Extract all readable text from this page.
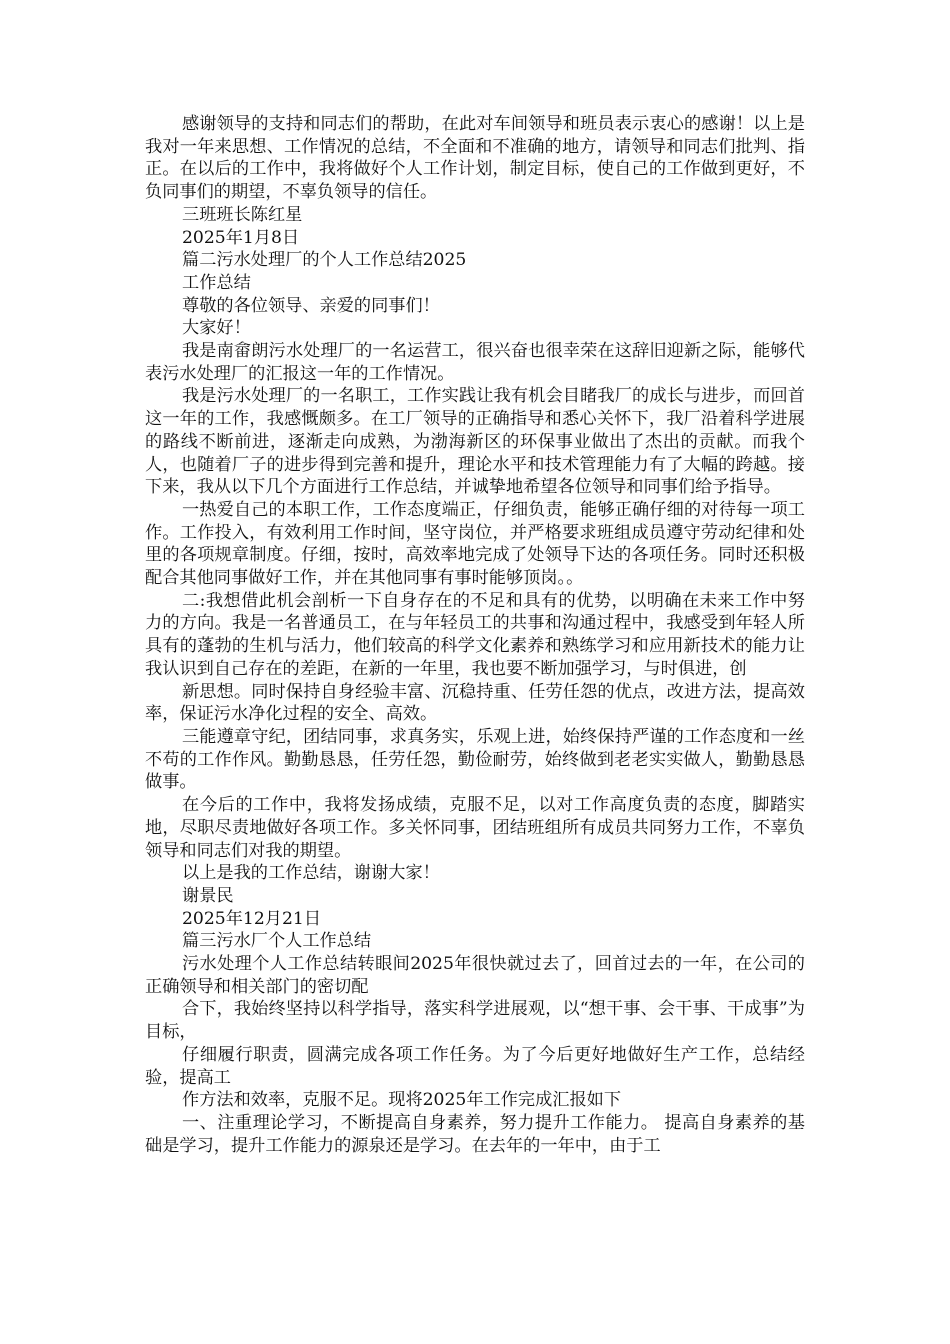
感谢领导的支持和同志们的帮助，在此对车间领导和班员表示衷心的感谢！以上是我对一年来思想、工作情况的总结，不全面和不准确的地方，请领导和同志们批判、指正。在以后的工作中，我将做好个人工作计划，制定目标，使自己的工作做到更好，不负同事们的期望，不辜负领导的信任。

三班班长陈红星

2025年1月8日

篇二污水处理厂的个人工作总结2025

工作总结

尊敬的各位领导、亲爱的同事们！

大家好！

我是南畲朗污水处理厂的一名运营工，很兴奋也很幸荣在这辞旧迎新之际，能够代表污水处理厂的汇报这一年的工作情况。

我是污水处理厂的一名职工，工作实践让我有机会目睹我厂的成长与进步，而回首这一年的工作，我感慨颇多。在工厂领导的正确指导和悉心关怀下，我厂沿着科学进展的路线不断前进，逐渐走向成熟，为渤海新区的环保事业做出了杰出的贡献。而我个人，也随着厂子的进步得到完善和提升，理论水平和技术管理能力有了大幅的跨越。接下来，我从以下几个方面进行工作总结，并诚挚地希望各位领导和同事们给予指导。

一热爱自己的本职工作，工作态度端正，仔细负责，能够正确仔细的对待每一项工作。工作投入，有效利用工作时间，坚守岗位，并严格要求班组成员遵守劳动纪律和处里的各项规章制度。仔细，按时，高效率地完成了处领导下达的各项任务。同时还积极配合其他同事做好工作，并在其他同事有事时能够顶岗。。

二:我想借此机会剖析一下自身存在的不足和具有的优势，以明确在未来工作中努力的方向。我是一名普通员工，在与年轻员工的共事和沟通过程中，我感受到年轻人所具有的蓬勃的生机与活力，他们较高的科学文化素养和熟练学习和应用新技术的能力让我认识到自己存在的差距，在新的一年里，我也要不断加强学习，与时俱进，创

新思想。同时保持自身经验丰富、沉稳持重、任劳任怨的优点，改进方法，提高效率，保证污水净化过程的安全、高效。

三能遵章守纪，团结同事，求真务实，乐观上进，始终保持严谨的工作态度和一丝不苟的工作作风。勤勤恳恳，任劳任怨，勤俭耐劳，始终做到老老实实做人，勤勤恳恳做事。

在今后的工作中，我将发扬成绩，克服不足，以对工作高度负责的态度，脚踏实地，尽职尽责地做好各项工作。多关怀同事，团结班组所有成员共同努力工作，不辜负领导和同志们对我的期望。

以上是我的工作总结，谢谢大家！

谢景民

2025年12月21日

篇三污水厂个人工作总结

污水处理个人工作总结转眼间2025年很快就过去了，回首过去的一年，在公司的正确领导和相关部门的密切配

合下，我始终坚持以科学指导，落实科学进展观，以“想干事、会干事、干成事”为目标，

仔细履行职责，圆满完成各项工作任务。为了今后更好地做好生产工作，总结经验，提高工

作方法和效率，克服不足。现将2025年工作完成汇报如下

一、注重理论学习，不断提高自身素养，努力提升工作能力。 提高自身素养的基础是学习，提升工作能力的源泉还是学习。在去年的一年中，由于工
